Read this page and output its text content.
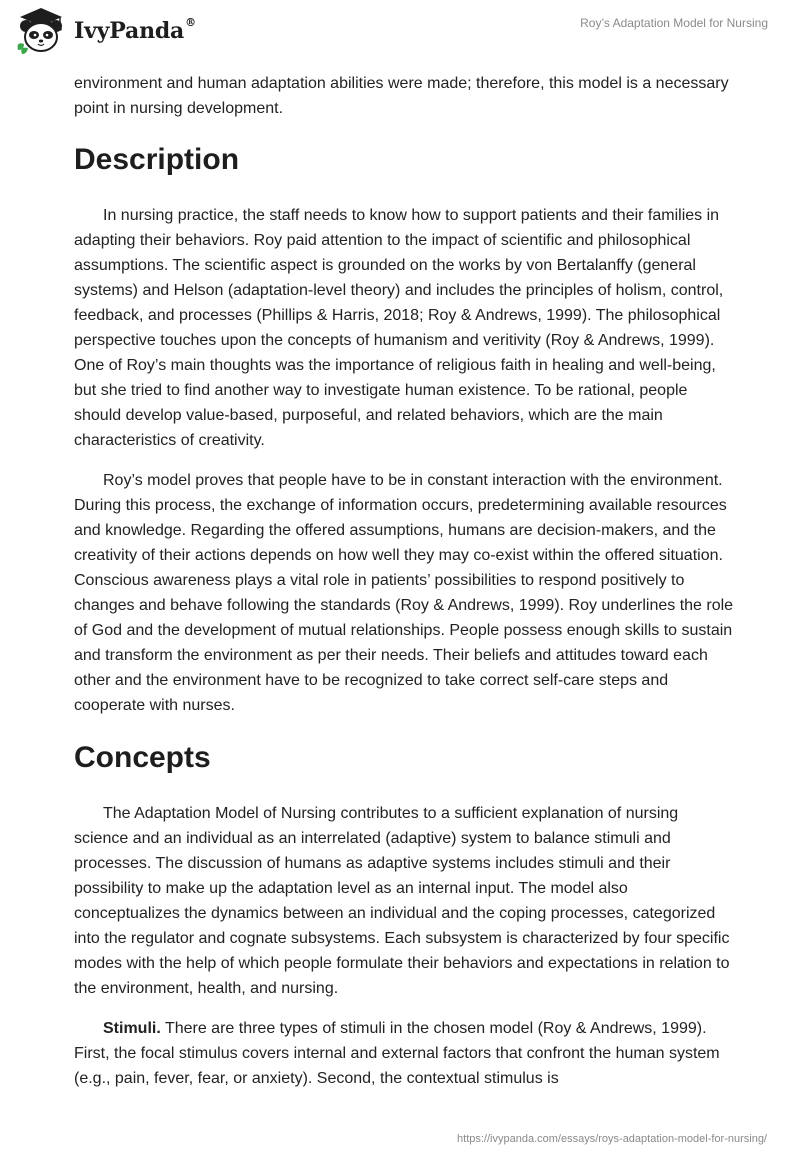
IvyPanda®	Roy’s Adaptation Model for Nursing

environment and human adaptation abilities were made; therefore, this model is a necessary point in nursing development.

Description

In nursing practice, the staff needs to know how to support patients and their families in adapting their behaviors. Roy paid attention to the impact of scientific and philosophical assumptions. The scientific aspect is grounded on the works by von Bertalanffy (general systems) and Helson (adaptation-level theory) and includes the principles of holism, control, feedback, and processes (Phillips & Harris, 2018; Roy & Andrews, 1999). The philosophical perspective touches upon the concepts of humanism and veritivity (Roy & Andrews, 1999). One of Roy’s main thoughts was the importance of religious faith in healing and well-being, but she tried to find another way to investigate human existence. To be rational, people should develop value-based, purposeful, and related behaviors, which are the main characteristics of creativity.

Roy’s model proves that people have to be in constant interaction with the environment. During this process, the exchange of information occurs, predetermining available resources and knowledge. Regarding the offered assumptions, humans are decision-makers, and the creativity of their actions depends on how well they may co-exist within the offered situation. Conscious awareness plays a vital role in patients’ possibilities to respond positively to changes and behave following the standards (Roy & Andrews, 1999). Roy underlines the role of God and the development of mutual relationships. People possess enough skills to sustain and transform the environment as per their needs. Their beliefs and attitudes toward each other and the environment have to be recognized to take correct self-care steps and cooperate with nurses.

Concepts

The Adaptation Model of Nursing contributes to a sufficient explanation of nursing science and an individual as an interrelated (adaptive) system to balance stimuli and processes. The discussion of humans as adaptive systems includes stimuli and their possibility to make up the adaptation level as an internal input. The model also conceptualizes the dynamics between an individual and the coping processes, categorized into the regulator and cognate subsystems. Each subsystem is characterized by four specific modes with the help of which people formulate their behaviors and expectations in relation to the environment, health, and nursing.

Stimuli. There are three types of stimuli in the chosen model (Roy & Andrews, 1999). First, the focal stimulus covers internal and external factors that confront the human system (e.g., pain, fever, fear, or anxiety). Second, the contextual stimulus is

https://ivypanda.com/essays/roys-adaptation-model-for-nursing/
